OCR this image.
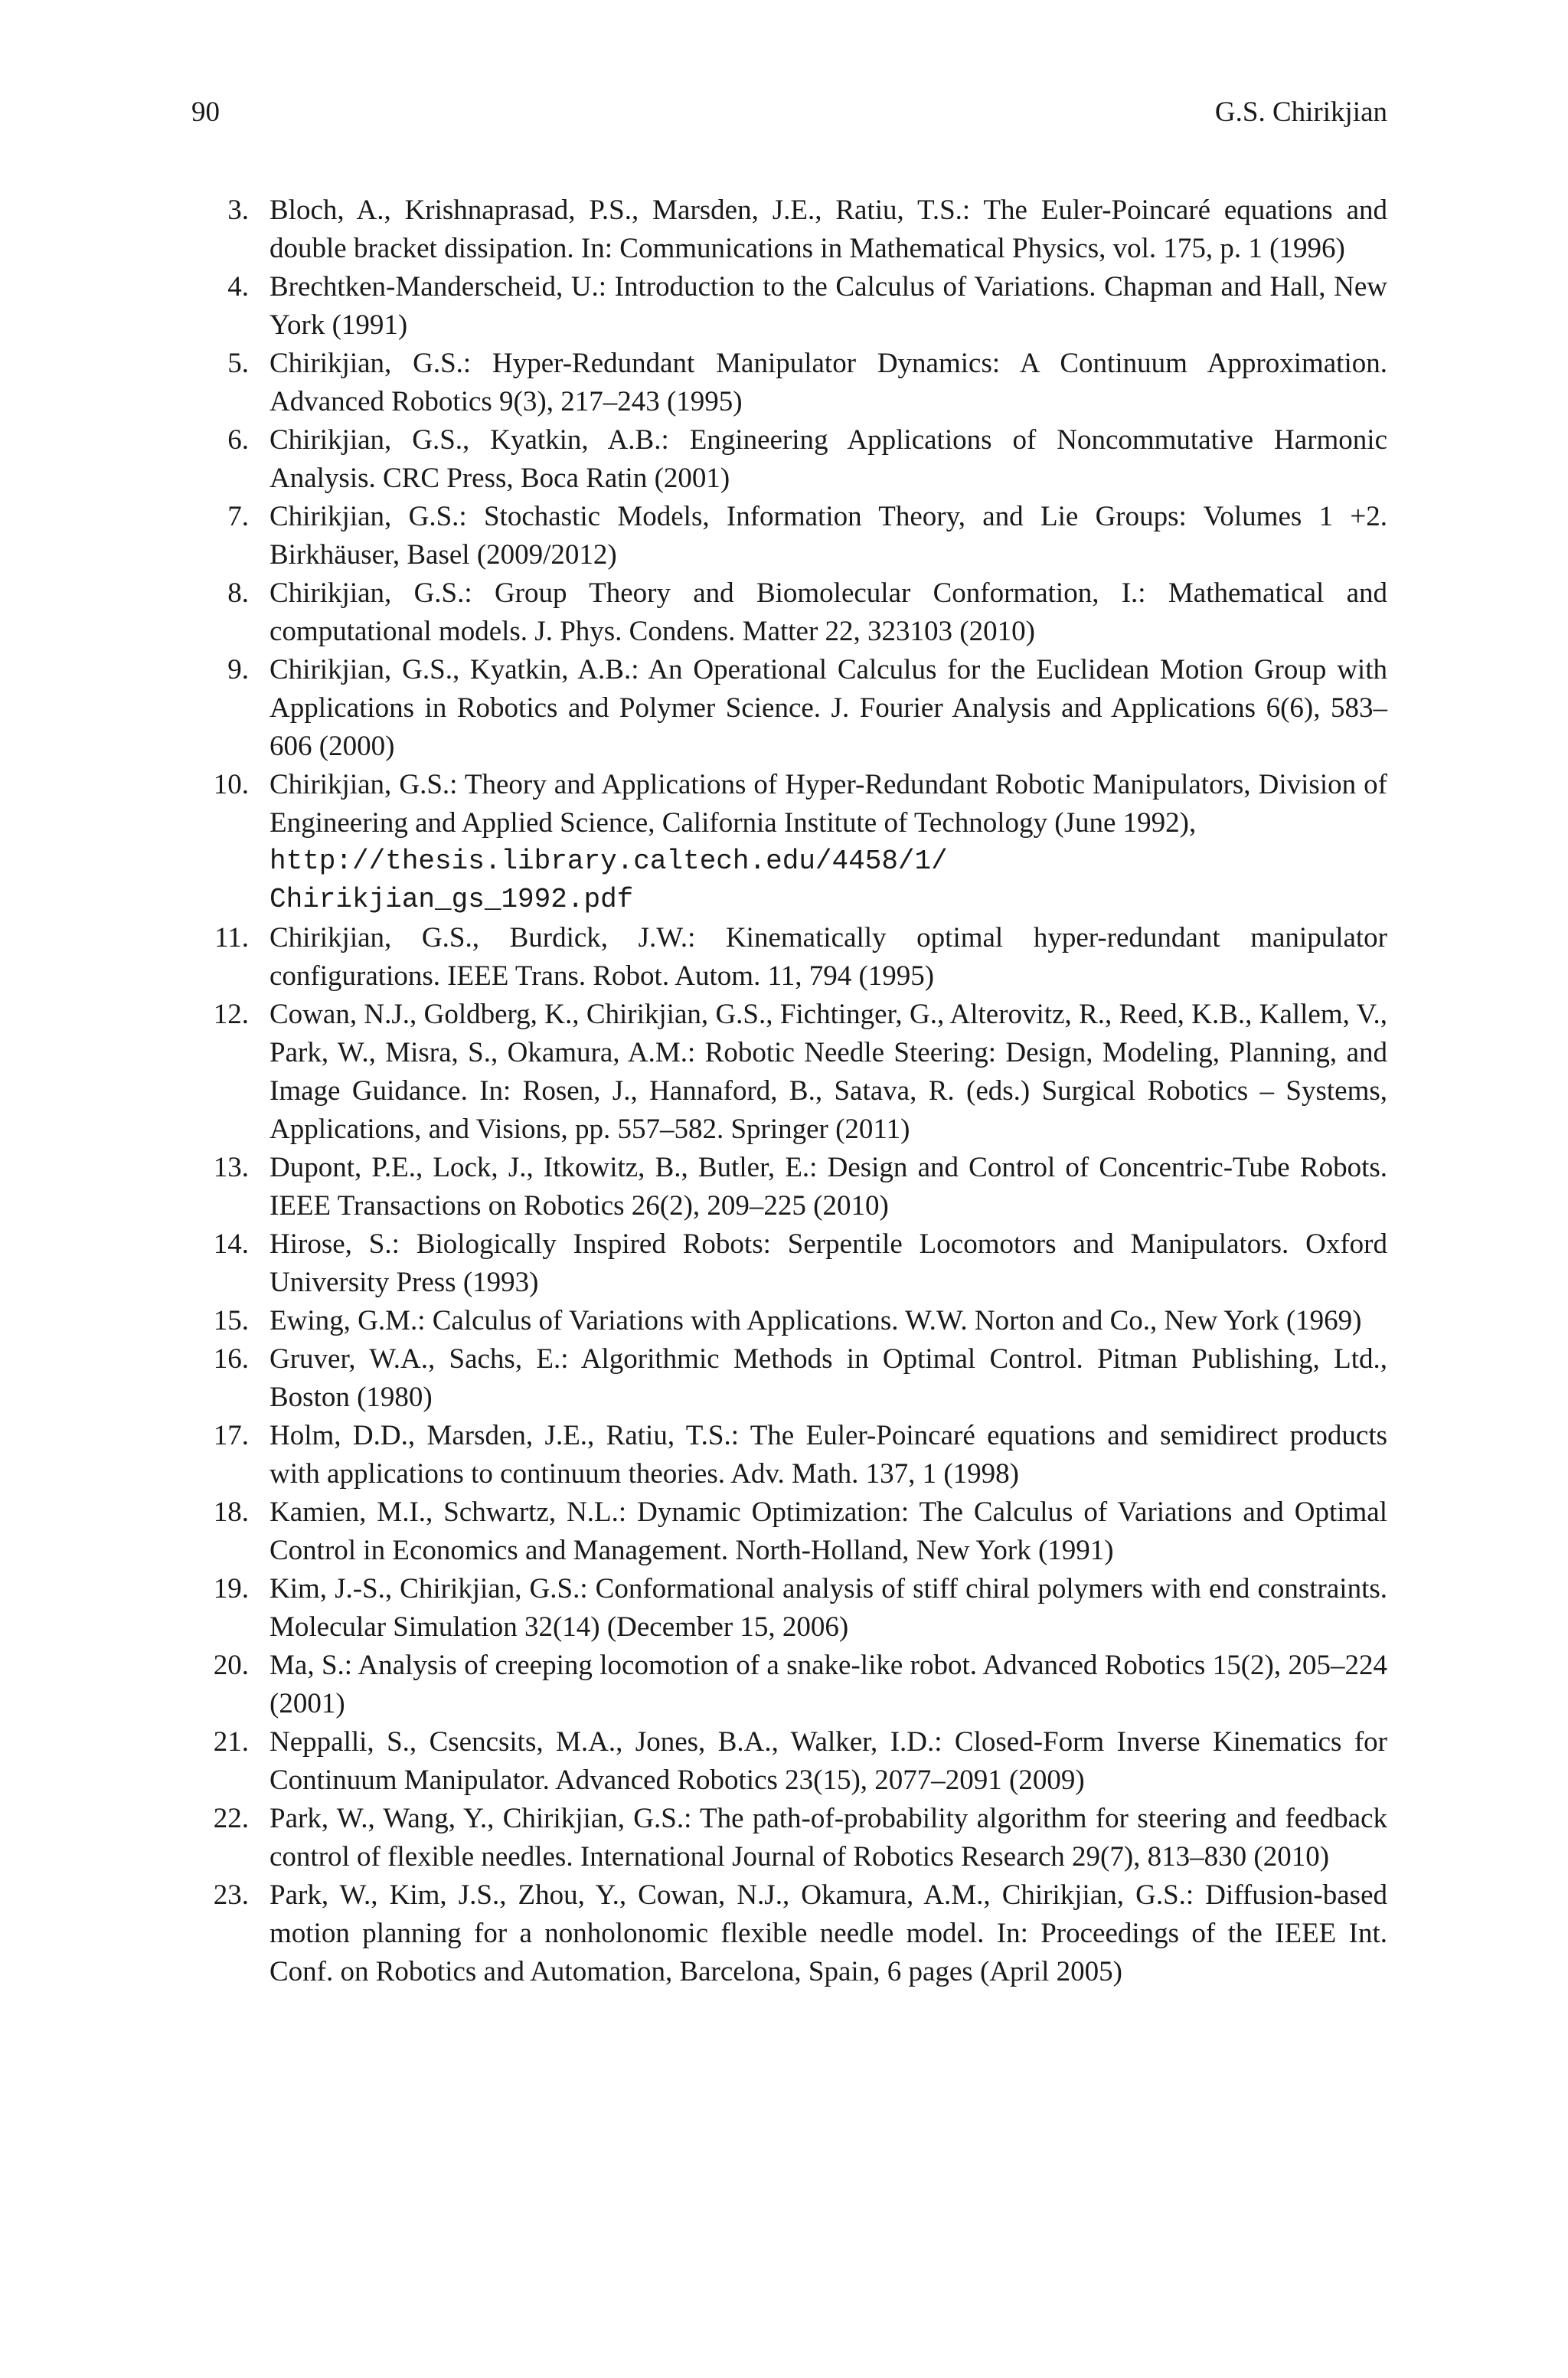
90	G.S. Chirikjian
3. Bloch, A., Krishnaprasad, P.S., Marsden, J.E., Ratiu, T.S.: The Euler-Poincaré equations and double bracket dissipation. In: Communications in Mathematical Physics, vol. 175, p. 1 (1996)
4. Brechtken-Manderscheid, U.: Introduction to the Calculus of Variations. Chapman and Hall, New York (1991)
5. Chirikjian, G.S.: Hyper-Redundant Manipulator Dynamics: A Continuum Approximation. Advanced Robotics 9(3), 217–243 (1995)
6. Chirikjian, G.S., Kyatkin, A.B.: Engineering Applications of Noncommutative Harmonic Analysis. CRC Press, Boca Ratin (2001)
7. Chirikjian, G.S.: Stochastic Models, Information Theory, and Lie Groups: Volumes 1 +2. Birkhäuser, Basel (2009/2012)
8. Chirikjian, G.S.: Group Theory and Biomolecular Conformation, I.: Mathematical and computational models. J. Phys. Condens. Matter 22, 323103 (2010)
9. Chirikjian, G.S., Kyatkin, A.B.: An Operational Calculus for the Euclidean Motion Group with Applications in Robotics and Polymer Science. J. Fourier Analysis and Applications 6(6), 583–606 (2000)
10. Chirikjian, G.S.: Theory and Applications of Hyper-Redundant Robotic Manipulators, Division of Engineering and Applied Science, California Institute of Technology (June 1992),
http://thesis.library.caltech.edu/4458/1/
Chirikjian_gs_1992.pdf
11. Chirikjian, G.S., Burdick, J.W.: Kinematically optimal hyper-redundant manipulator configurations. IEEE Trans. Robot. Autom. 11, 794 (1995)
12. Cowan, N.J., Goldberg, K., Chirikjian, G.S., Fichtinger, G., Alterovitz, R., Reed, K.B., Kallem, V., Park, W., Misra, S., Okamura, A.M.: Robotic Needle Steering: Design, Modeling, Planning, and Image Guidance. In: Rosen, J., Hannaford, B., Satava, R. (eds.) Surgical Robotics – Systems, Applications, and Visions, pp. 557–582. Springer (2011)
13. Dupont, P.E., Lock, J., Itkowitz, B., Butler, E.: Design and Control of Concentric-Tube Robots. IEEE Transactions on Robotics 26(2), 209–225 (2010)
14. Hirose, S.: Biologically Inspired Robots: Serpentile Locomotors and Manipulators. Oxford University Press (1993)
15. Ewing, G.M.: Calculus of Variations with Applications. W.W. Norton and Co., New York (1969)
16. Gruver, W.A., Sachs, E.: Algorithmic Methods in Optimal Control. Pitman Publishing, Ltd., Boston (1980)
17. Holm, D.D., Marsden, J.E., Ratiu, T.S.: The Euler-Poincaré equations and semidirect products with applications to continuum theories. Adv. Math. 137, 1 (1998)
18. Kamien, M.I., Schwartz, N.L.: Dynamic Optimization: The Calculus of Variations and Optimal Control in Economics and Management. North-Holland, New York (1991)
19. Kim, J.-S., Chirikjian, G.S.: Conformational analysis of stiff chiral polymers with end constraints. Molecular Simulation 32(14) (December 15, 2006)
20. Ma, S.: Analysis of creeping locomotion of a snake-like robot. Advanced Robotics 15(2), 205–224 (2001)
21. Neppalli, S., Csencsits, M.A., Jones, B.A., Walker, I.D.: Closed-Form Inverse Kinematics for Continuum Manipulator. Advanced Robotics 23(15), 2077–2091 (2009)
22. Park, W., Wang, Y., Chirikjian, G.S.: The path-of-probability algorithm for steering and feedback control of flexible needles. International Journal of Robotics Research 29(7), 813–830 (2010)
23. Park, W., Kim, J.S., Zhou, Y., Cowan, N.J., Okamura, A.M., Chirikjian, G.S.: Diffusion-based motion planning for a nonholonomic flexible needle model. In: Proceedings of the IEEE Int. Conf. on Robotics and Automation, Barcelona, Spain, 6 pages (April 2005)
